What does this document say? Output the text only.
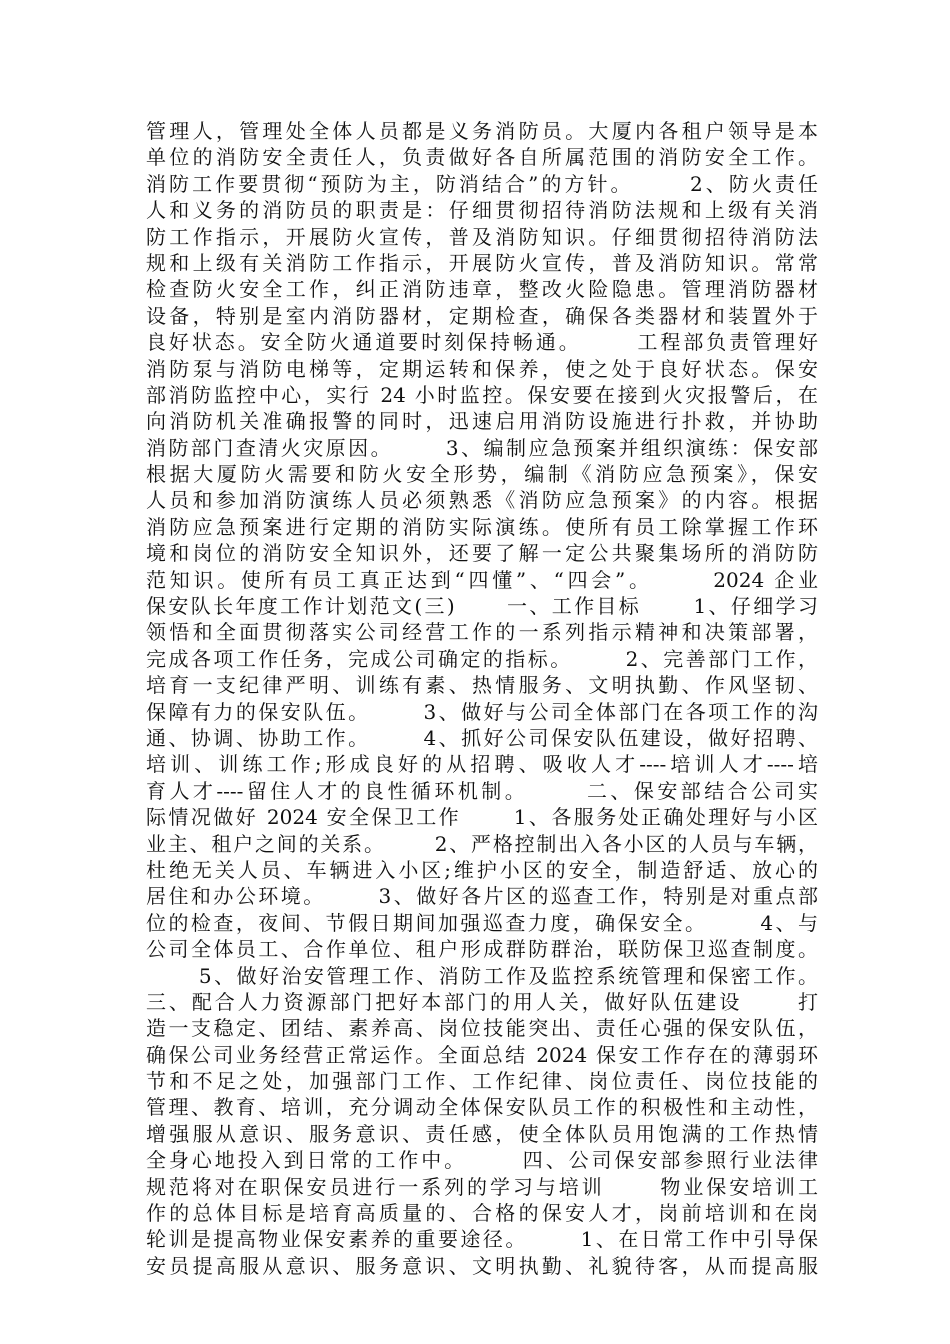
管理人，管理处全体人员都是义务消防员。大厦内各租户领导是本
单位的消防安全责任人，负责做好各自所属范围的消防安全工作。
消防工作要贯彻“预防为主，防消结合”的方针。      2、防火责任
人和义务的消防员的职责是：仔细贯彻招待消防法规和上级有关消
防工作指示，开展防火宣传，普及消防知识。仔细贯彻招待消防法
规和上级有关消防工作指示，开展防火宣传，普及消防知识。常常
检查防火安全工作，纠正消防违章，整改火险隐患。管理消防器材
设备，特别是室内消防器材，定期检查，确保各类器材和装置外于
良好状态。安全防火通道要时刻保持畅通。      工程部负责管理好
消防泵与消防电梯等，定期运转和保养，使之处于良好状态。保安
部消防监控中心，实行 24 小时监控。保安要在接到火灾报警后，在
向消防机关准确报警的同时，迅速启用消防设施进行扑救，并协助
消防部门查清火灾原因。      3、编制应急预案并组织演练：保安部
根据大厦防火需要和防火安全形势，编制《消防应急预案》，保安
人员和参加消防演练人员必须熟悉《消防应急预案》的内容。根据
消防应急预案进行定期的消防实际演练。使所有员工除掌握工作环
境和岗位的消防安全知识外，还要了解一定公共聚集场所的消防防
范知识。使所有员工真正达到“四懂”、“四会”。      2024 企业
保安队长年度工作计划范文(三)      一、工作目标      1、仔细学习
领悟和全面贯彻落实公司经营工作的一系列指示精神和决策部署，
完成各项工作任务，完成公司确定的指标。      2、完善部门工作，
培育一支纪律严明、训练有素、热情服务、文明执勤、作风坚韧、
保障有力的保安队伍。      3、做好与公司全体部门在各项工作的沟
通、协调、协助工作。      4、抓好公司保安队伍建设，做好招聘、
培训、训练工作;形成良好的从招聘、吸收人才----培训人才----培
育人才----留住人才的良性循环机制。      二、保安部结合公司实
际情况做好 2024 安全保卫工作      1、各服务处正确处理好与小区
业主、租户之间的关系。      2、严格控制出入各小区的人员与车辆，
杜绝无关人员、车辆进入小区;维护小区的安全，制造舒适、放心的
居住和办公环境。      3、做好各片区的巡查工作，特别是对重点部
位的检查，夜间、节假日期间加强巡查力度，确保安全。      4、与
公司全体员工、合作单位、租户形成群防群治，联防保卫巡查制度。
5、做好治安管理工作、消防工作及监控系统管理和保密工作。
三、配合人力资源部门把好本部门的用人关，做好队伍建设      打
造一支稳定、团结、素养高、岗位技能突出、责任心强的保安队伍，
确保公司业务经营正常运作。全面总结 2024 保安工作存在的薄弱环
节和不足之处，加强部门工作、工作纪律、岗位责任、岗位技能的
管理、教育、培训，充分调动全体保安队员工作的积极性和主动性，
增强服从意识、服务意识、责任感，使全体队员用饱满的工作热情
全身心地投入到日常的工作中。      四、公司保安部参照行业法律
规范将对在职保安员进行一系列的学习与培训      物业保安培训工
作的总体目标是培育高质量的、合格的保安人才，岗前培训和在岗
轮训是提高物业保安素养的重要途径。      1、在日常工作中引导保
安员提高服从意识、服务意识、文明执勤、礼貌待客，从而提高服
